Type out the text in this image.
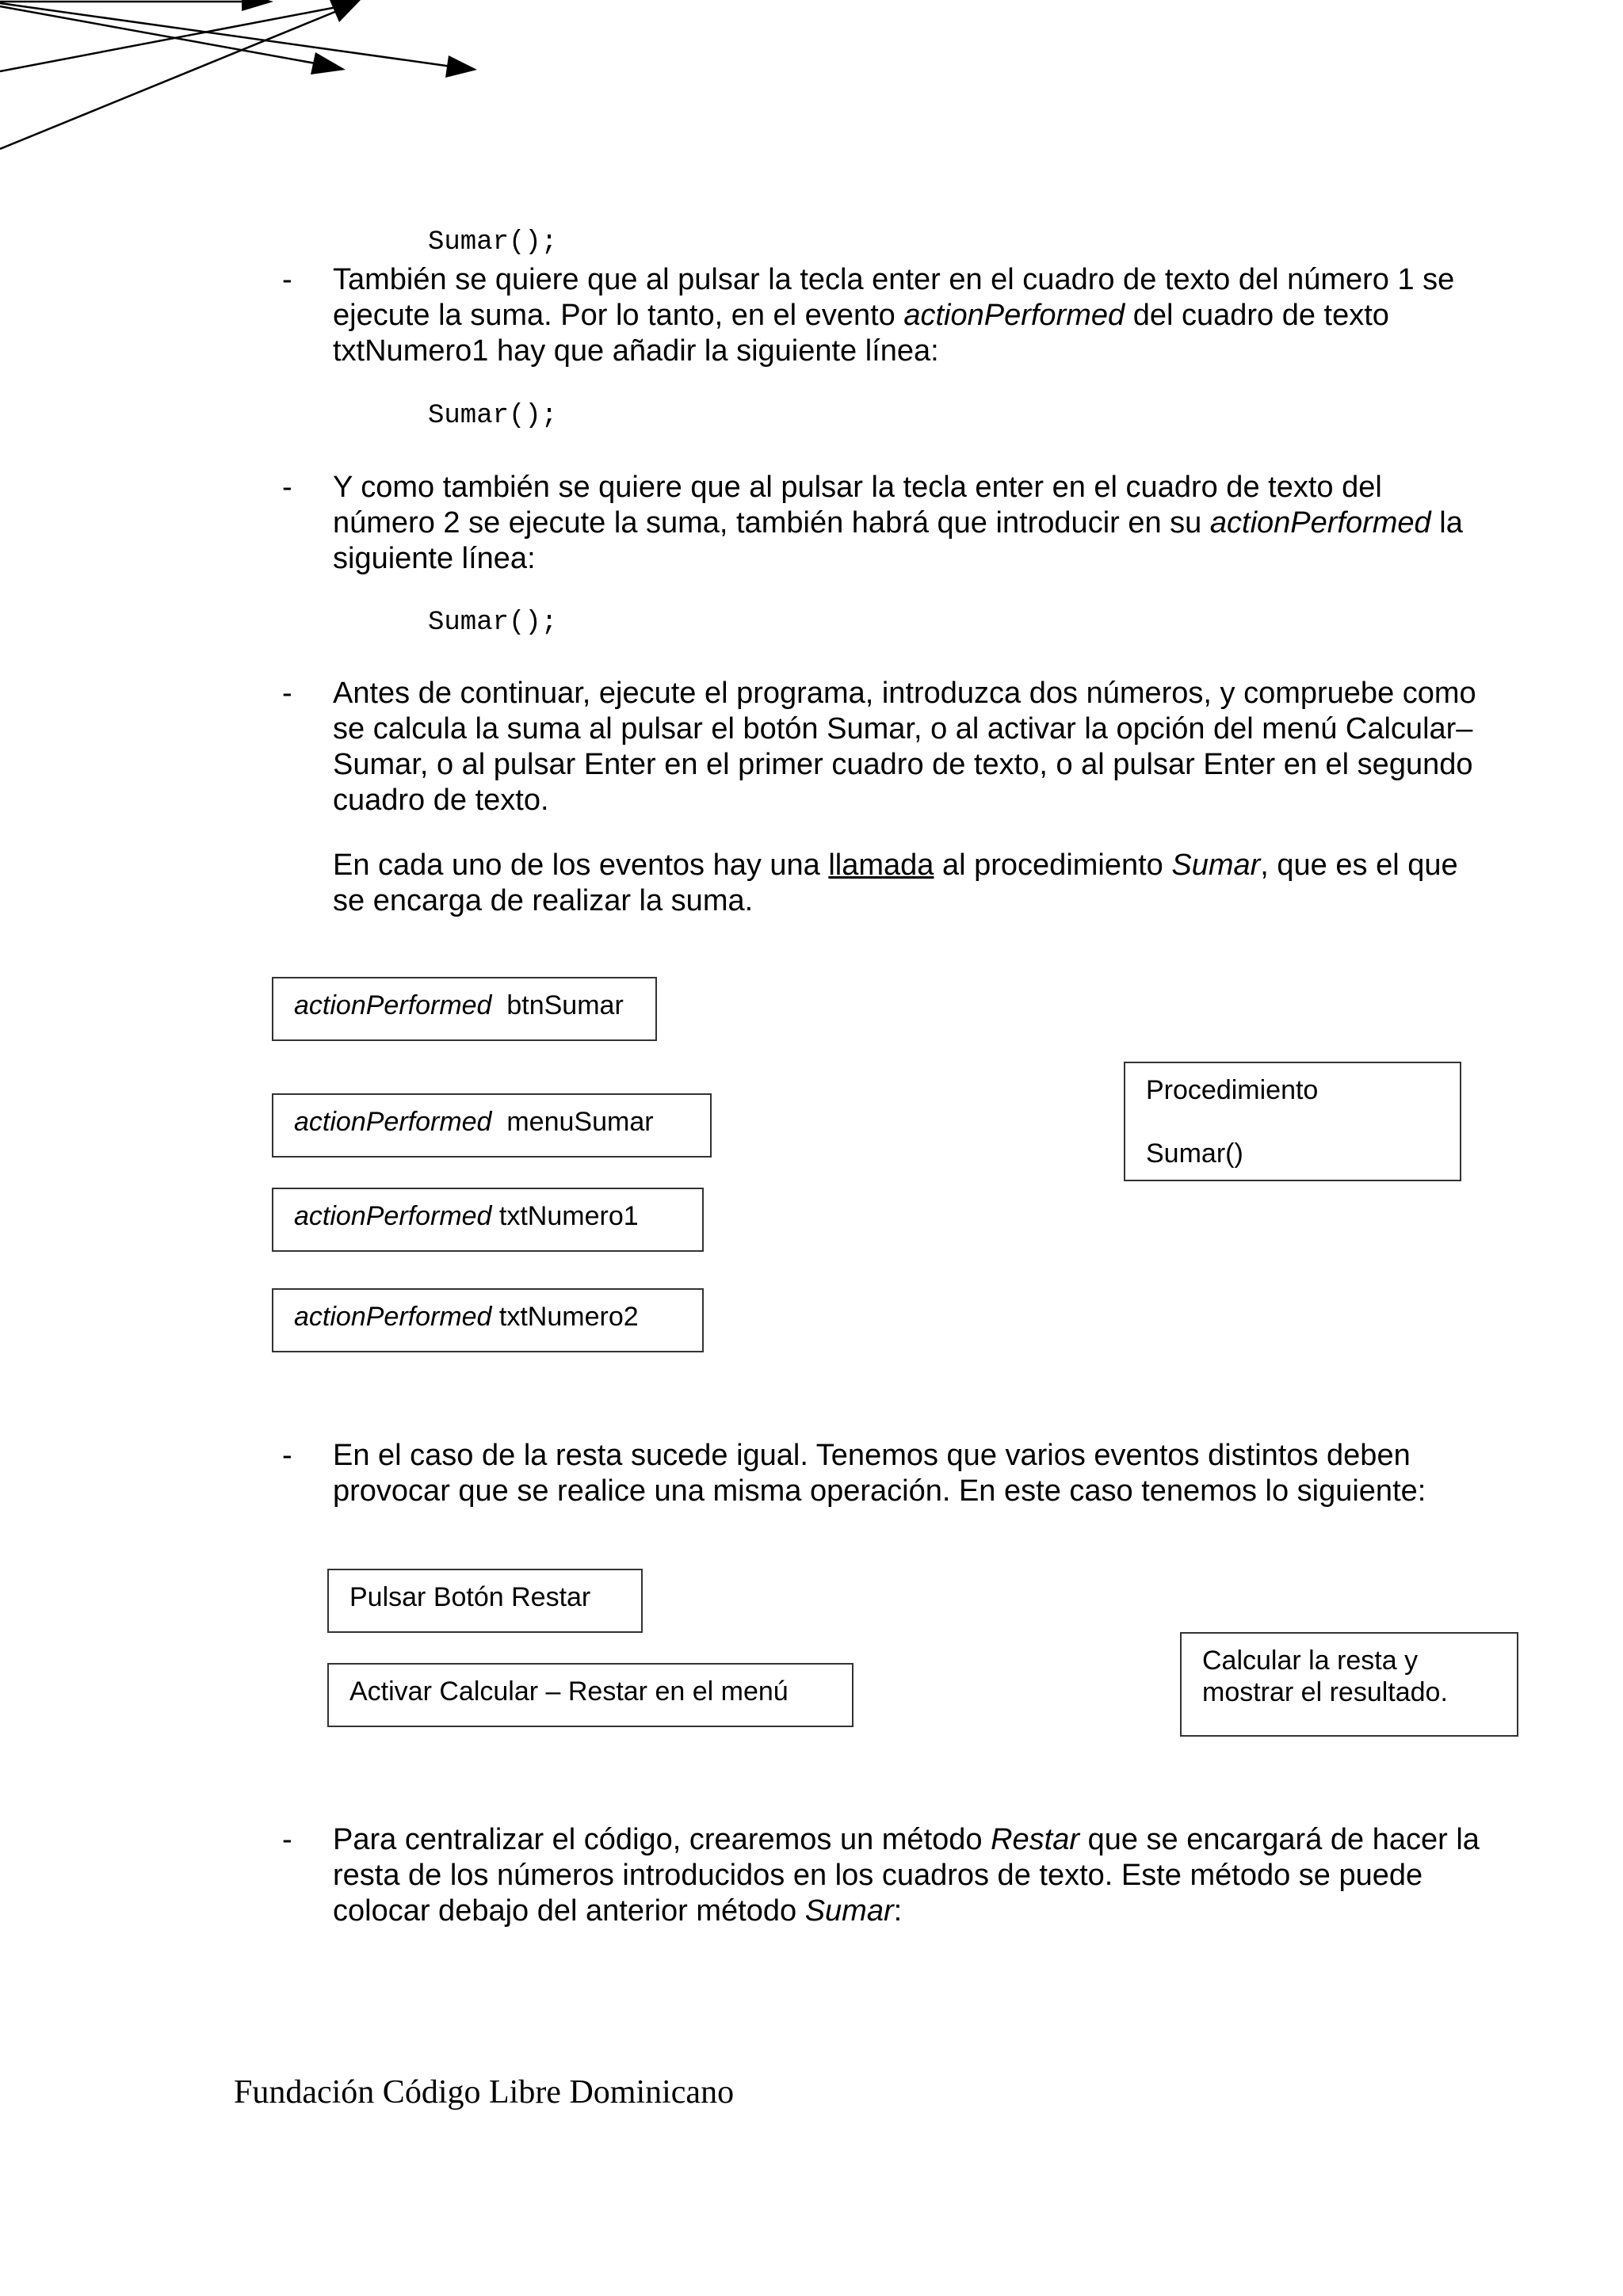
Sumar();
- También se quiere que al pulsar la tecla enter en el cuadro de texto del número 1 se ejecute la suma. Por lo tanto, en el evento actionPerformed del cuadro de texto txtNumero1 hay que añadir la siguiente línea:
Sumar();
- Y como también se quiere que al pulsar la tecla enter en el cuadro de texto del número 2 se ejecute la suma, también habrá que introducir en su actionPerformed la siguiente línea:
Sumar();
- Antes de continuar, ejecute el programa, introduzca dos números, y compruebe como se calcula la suma al pulsar el botón Sumar, o al activar la opción del menú Calcular–Sumar, o al pulsar Enter en el primer cuadro de texto, o al pulsar Enter en el segundo cuadro de texto.
En cada uno de los eventos hay una llamada al procedimiento Sumar, que es el que se encarga de realizar la suma.
actionPerformed  btnSumar
actionPerformed  menuSumar
actionPerformed txtNumero1
actionPerformed txtNumero2
Procedimiento
Sumar()
- En el caso de la resta sucede igual. Tenemos que varios eventos distintos deben provocar que se realice una misma operación. En este caso tenemos lo siguiente:
Pulsar Botón Restar
Activar Calcular – Restar en el menú
Calcular la resta y
mostrar el resultado.
- Para centralizar el código, crearemos un método Restar que se encargará de hacer la resta de los números introducidos en los cuadros de texto. Este método se puede colocar debajo del anterior método Sumar:
Fundación Código Libre Dominicano
